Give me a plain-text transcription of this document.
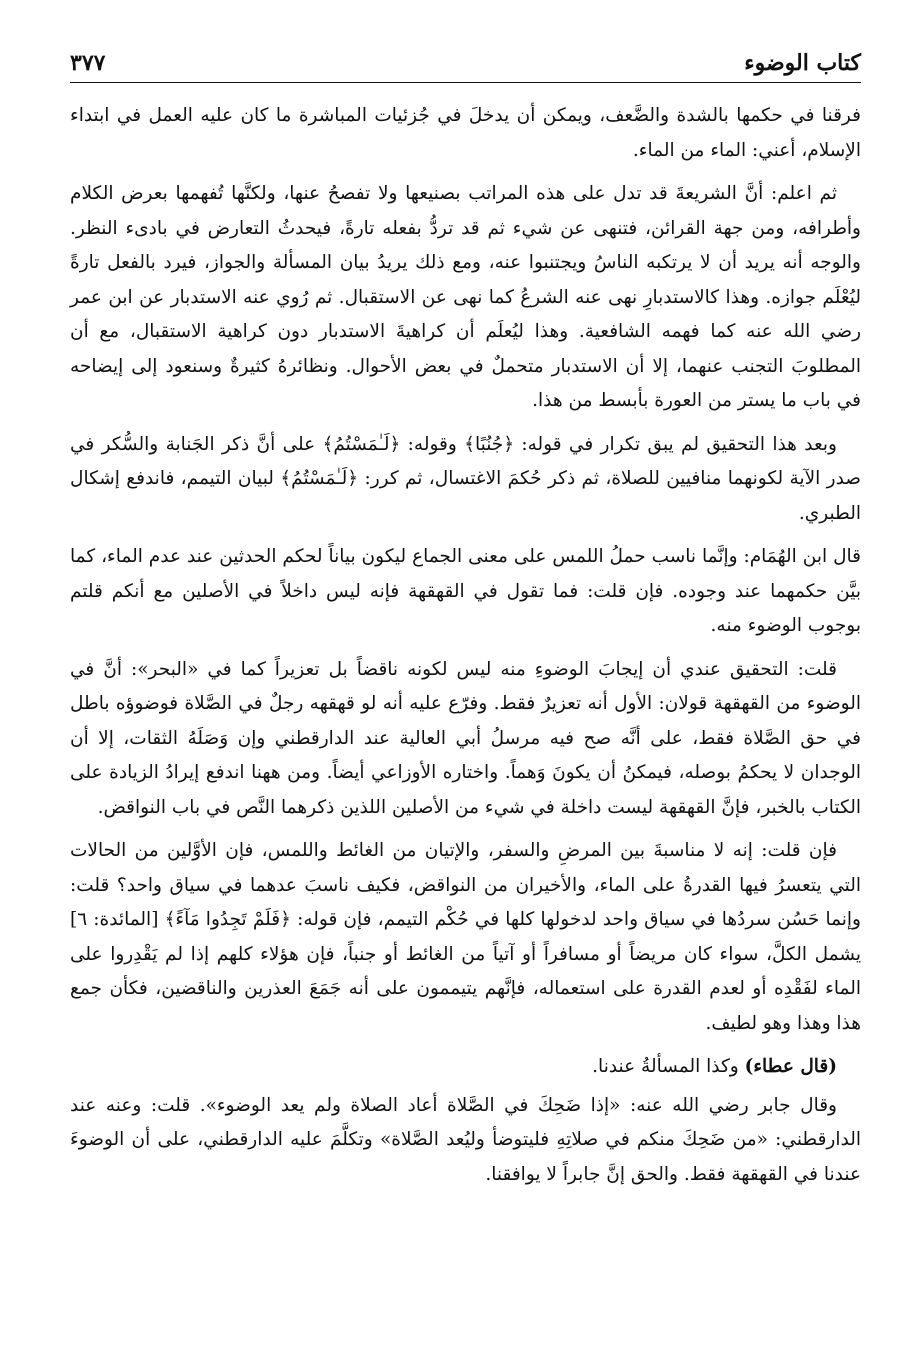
كتاب الوضوء
٣٧٧

فرقنا في حكمها بالشدة والضَّعف، ويمكن أن يدخلَ في جُزئيات المباشرة ما كان عليه العمل في ابتداء الإسلام، أعني: الماء من الماء.

ثم اعلم: أنَّ الشريعةَ قد تدل على هذه المراتب بصنيعها ولا تفصحُ عنها، ولكنَّها تُفهمها بعرض الكلام وأطرافه، ومن جهة القرائن، فتنهى عن شيء ثم قد تردُّ بفعله تارةً، فيحدثُ التعارض في بادىء النظر. والوجه أنه يريد أن لا يرتكبه الناسُ ويجتنبوا عنه، ومع ذلك يريدُ بيان المسألة والجواز، فيرد بالفعل تارةً ليُعْلَم جوازه. وهذا كالاستدبارِ نهى عنه الشرعُ كما نهى عن الاستقبال. ثم رُوي عنه الاستدبار عن ابن عمر رضي الله عنه كما فهمه الشافعية. وهذا ليُعلَم أن كراهيةَ الاستدبار دون كراهية الاستقبال، مع أن المطلوبَ التجنب عنهما، إلا أن الاستدبار متحملٌ في بعض الأحوال. ونظائرهُ كثيرةٌ وسنعود إلى إيضاحه في باب ما يستر من العورة بأبسط من هذا.

وبعد هذا التحقيق لم يبق تكرار في قوله: ﴿جُنُبًا﴾ وقوله: ﴿لَـٰمَسْتُمُ﴾ على أنَّ ذكر الجَنابة والسُّكر في صدر الآية لكونهما منافيين للصلاة، ثم ذكر حُكمَ الاغتسال، ثم كرر: ﴿لَـٰمَسْتُمُ﴾ لبيان التيمم، فاندفع إشكال الطبري.

قال ابن الهُمَام: وإنَّما ناسب حملُ اللمس على معنى الجماع ليكون بياناً لحكم الحدثين عند عدم الماء، كما بيَّن حكمهما عند وجوده. فإن قلت: فما تقول في القهقهة فإنه ليس داخلاً في الأصلين مع أنكم قلتم بوجوب الوضوء منه.

قلت: التحقيق عندي أن إيجابَ الوضوءِ منه ليس لكونه ناقضاً بل تعزيراً كما في «البحر»: أنَّ في الوضوء من القهقهة قولان: الأول أنه تعزيرٌ فقط. وفرّع عليه أنه لو قهقهه رجلٌ في الصَّلاة فوضوؤه باطل في حق الصَّلاة فقط، على أنَّه صح فيه مرسلُ أبي العالية عند الدارقطني وإن وَصَلَهُ الثقات، إلا أن الوجدان لا يحكمُ بوصله، فيمكنُ أن يكونَ وَهماً. واختاره الأوزاعي أيضاً. ومن ههنا اندفع إيرادُ الزيادة على الكتاب بالخبر، فإنَّ القهقهة ليست داخلة في شيء من الأصلين اللذين ذكرهما النَّص في باب النواقض.

فإن قلت: إنه لا مناسبةَ بين المرضِ والسفر، والإتيان من الغائط واللمس، فإن الأوَّلين من الحالات التي يتعسرُ فيها القدرةُ على الماء، والأخيران من النواقض، فكيف ناسبَ عدهما في سياق واحد؟ قلت: وإنما حَسُن سردُها في سياق واحد لدخولها كلها في حُكْم التيمم، فإن قوله: ﴿فَلَمْ تَجِدُوا مَآءً﴾ [المائدة: ٦] يشمل الكلَّ، سواء كان مريضاً أو مسافراً أو آتياً من الغائط أو جنباً، فإن هؤلاء كلهم إذا لم يَقْدِروا على الماء لفَقْدِه أو لعدم القدرة على استعماله، فإنَّهم يتيممون على أنه جَمَعَ العذرين والناقضين، فكأن جمع هذا وهذا وهو لطيف.

(قال عطاء) وكذا المسألةُ عندنا.

وقال جابر رضي الله عنه: «إذا ضَحِكَ في الصَّلاة أعاد الصلاة ولم يعد الوضوء». قلت: وعنه عند الدارقطني: «من ضَحِكَ منكم في صلاتِهِ فليتوضأ وليُعد الصَّلاة» وتكلَّمَ عليه الدارقطني، على أن الوضوءَ عندنا في القهقهة فقط. والحق إنَّ جابراً لا يوافقنا.
